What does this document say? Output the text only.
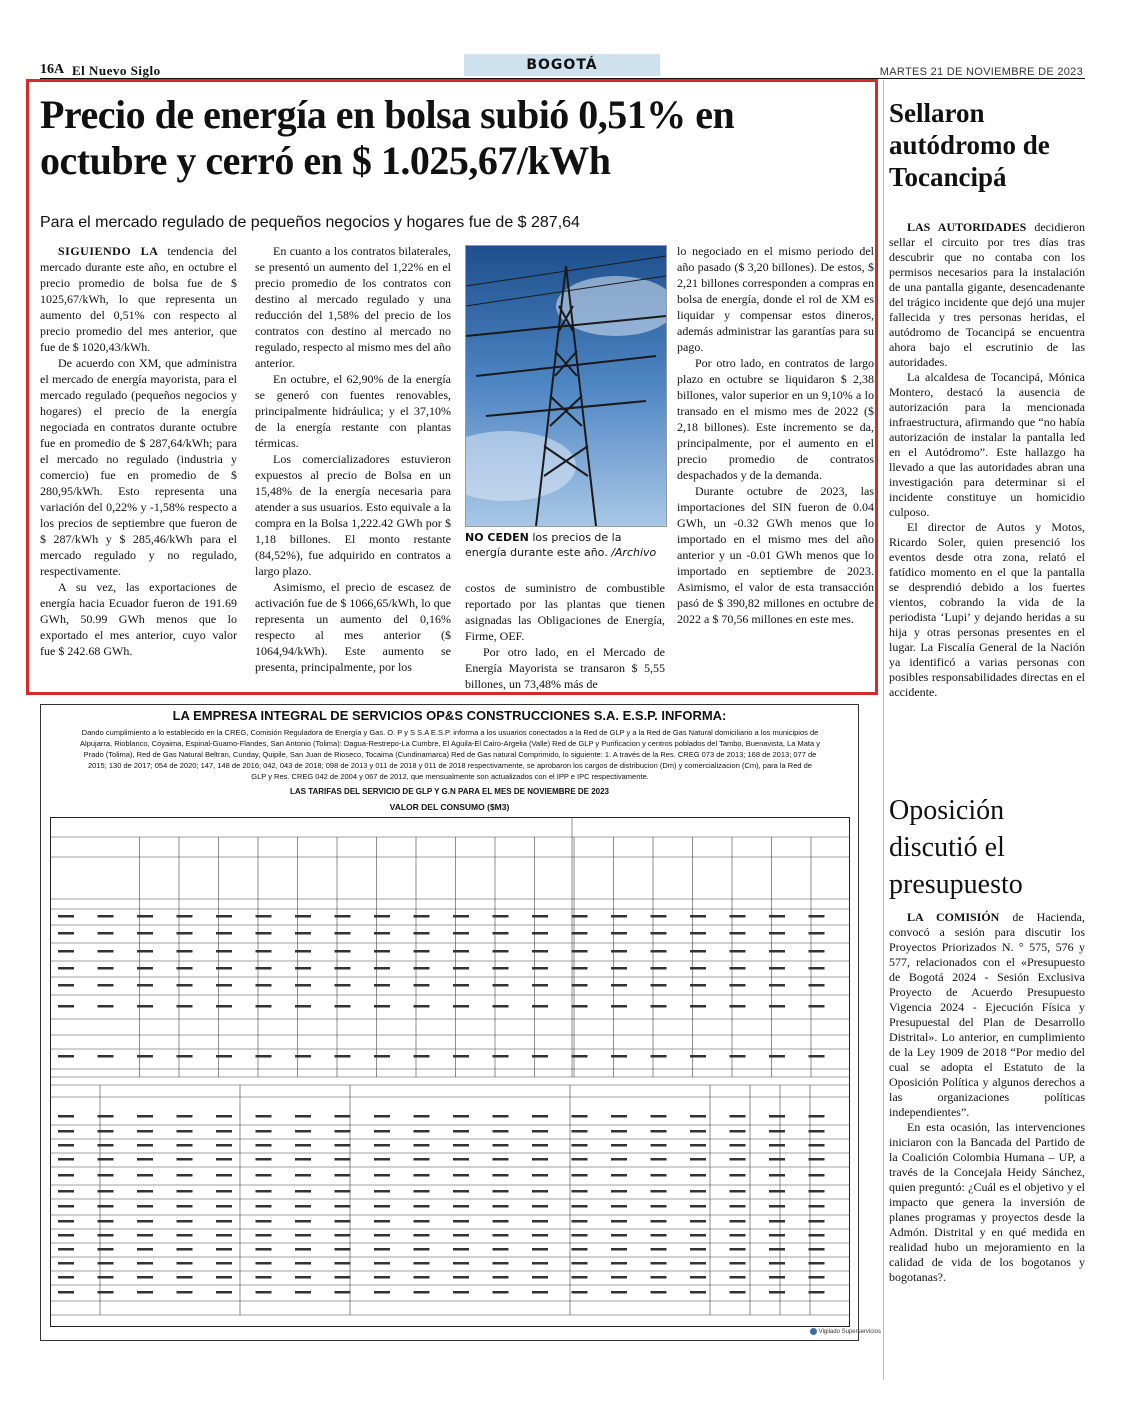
16A El Nuevo Siglo	BOGOTÁ	MARTES 21 DE NOVIEMBRE DE 2023
Precio de energía en bolsa subió 0,51% en octubre y cerró en $ 1.025,67/kWh
Para el mercado regulado de pequeños negocios y hogares fue de $ 287,64

SIGUIENDO LA tendencia del mercado durante este año, en octubre el precio promedio de bolsa fue de $ 1025,67/kWh, lo que representa un aumento del 0,51% con respecto al precio promedio del mes anterior, que fue de $ 1020,43/kWh.

De acuerdo con XM, que administra el mercado de energía mayorista, para el mercado regulado (pequeños negocios y hogares) el precio de la energía negociada en contratos durante octubre fue en promedio de $ 287,64/kWh; para el mercado no regulado (industria y comercio) fue en promedio de $ 280,95/kWh. Esto representa una variación del 0,22% y -1,58% respecto a los precios de septiembre que fueron de $ 287/kWh y $ 285,46/kWh para el mercado regulado y no regulado, respectivamente.

A su vez, las exportaciones de energía hacia Ecuador fueron de 191.69 GWh, 50.99 GWh menos que lo exportado el mes anterior, cuyo valor fue $ 242.68 GWh.

En cuanto a los contratos bilaterales, se presentó un aumento del 1,22% en el precio promedio de los contratos con destino al mercado regulado y una reducción del 1,58% del precio de los contratos con destino al mercado no regulado, respecto al mismo mes del año anterior.

En octubre, el 62,90% de la energía se generó con fuentes renovables, principalmente hidráulica; y el 37,10% de la energía restante con plantas térmicas.

Los comercializadores estuvieron expuestos al precio de Bolsa en un 15,48% de la energía necesaria para atender a sus usuarios. Esto equivale a la compra en la Bolsa 1,222.42 GWh por $ 1,18 billones. El monto restante (84,52%), fue adquirido en contratos a largo plazo.

Asimismo, el precio de escasez de activación fue de $ 1066,65/kWh, lo que representa un aumento del 0,16% respecto al mes anterior ($ 1064,94/kWh). Este aumento se presenta, principalmente, por los

NO CEDEN los precios de la energía durante este año. /Archivo

costos de suministro de combustible reportado por las plantas que tienen asignadas las Obligaciones de Energía, Firme, OEF.

Por otro lado, en el Mercado de Energía Mayorista se transaron $ 5,55 billones, un 73,48% más de

lo negociado en el mismo periodo del año pasado ($ 3,20 billones). De estos, $ 2,21 billones corresponden a compras en bolsa de energía, donde el rol de XM es liquidar y compensar estos dineros, además administrar las garantías para su pago.

Por otro lado, en contratos de largo plazo en octubre se liquidaron $ 2,38 billones, valor superior en un 9,10% a lo transado en el mismo mes de 2022 ($ 2,18 billones). Este incremento se da, principalmente, por el aumento en el precio promedio de contratos despachados y de la demanda.

Durante octubre de 2023, las importaciones del SIN fueron de 0.04 GWh, un -0.32 GWh menos que lo importado en el mismo mes del año anterior y un -0.01 GWh menos que lo importado en septiembre de 2023. Asimismo, el valor de esta transacción pasó de $ 390,82 millones en octubre de 2022 a $ 70,56 millones en este mes.

Sellaron autódromo de Tocancipá

LAS AUTORIDADES decidieron sellar el circuito por tres días tras descubrir que no contaba con los permisos necesarios para la instalación de una pantalla gigante, desencadenante del trágico incidente que dejó una mujer fallecida y tres personas heridas, el autódromo de Tocancipá se encuentra ahora bajo el escrutinio de las autoridades.

La alcaldesa de Tocancipá, Mónica Montero, destacó la ausencia de autorización para la mencionada infraestructura, afirmando que “no había autorización de instalar la pantalla led en el Autódromo”. Este hallazgo ha llevado a que las autoridades abran una investigación para determinar si el incidente constituye un homicidio culposo.

El director de Autos y Motos, Ricardo Soler, quien presenció los eventos desde otra zona, relató el fatídico momento en el que la pantalla se desprendió debido a los fuertes vientos, cobrando la vida de la periodista ‘Lupi’ y dejando heridas a su hija y otras personas presentes en el lugar. La Fiscalía General de la Nación ya identificó a varias personas con posibles responsabilidades directas en el accidente.

Oposición discutió el presupuesto

LA COMISIÓN de Hacienda, convocó a sesión para discutir los Proyectos Priorizados N. ° 575, 576 y 577, relacionados con el «Presupuesto de Bogotá 2024 - Sesión Exclusiva Proyecto de Acuerdo Presupuesto Vigencia 2024 - Ejecución Física y Presupuestal del Plan de Desarrollo Distrital». Lo anterior, en cumplimiento de la Ley 1909 de 2018 “Por medio del cual se adopta el Estatuto de la Oposición Política y algunos derechos a las organizaciones políticas independientes”.

En esta ocasión, las intervenciones iniciaron con la Bancada del Partido de la Coalición Colombia Humana – UP, a través de la Concejala Heidy Sánchez, quien preguntó: ¿Cuál es el objetivo y el impacto que genera la inversión de planes programas y proyectos desde la Admón. Distrital y en qué medida en realidad hubo un mejoramiento en la calidad de vida de los bogotanos y bogotanas?.

LA EMPRESA INTEGRAL DE SERVICIOS OP&S CONSTRUCCIONES S.A. E.S.P. INFORMA:
Dando cumplimiento a lo establecido en la CREG, Comisión Reguladora de Energía y Gas. O. P y S S.A E.S.P. informa a los usuarios conectados a la Red de GLP y a la Red de Gas Natural domiciliario a los municipios de Alpujarra, Rioblanco, Coyaima, Espinal-Guamo-Flandes, San Antonio (Tolima): Dagua-Restrepo-La Cumbre, El Aguila-El Cairo-Argelia (Valle) Red de GLP y Purificacion y centros poblados del Tambo, Buenavista, La Mata y Prado (Tolima), Red de Gas Natural Beltran, Cunday, Quipile, San Juan de Rioseco, Tocaima (Cundinamarca) Red de Gas natural Comprimido, lo siguiente: 1. A través de la Res. CREG 073 de 2013; 168 de 2013; 077 de 2015; 130 de 2017; 054 de 2020; 147, 148 de 2016; 042, 043 de 2018; 098 de 2013 y 011 de 2018 y 011 de 2018 respectivamente, se aprobaron los cargos de distribucion (Dm) y comercializacion (Cm), para la Red de GLP y Res. CREG 042 de 2004 y 067 de 2012, que mensualmente son actualizados con el IPP e IPC respectivamente.
LAS TARIFAS DEL SERVICIO DE GLP Y G.N PARA EL MES DE NOVIEMBRE DE 2023
VALOR DEL CONSUMO ($M3)
Vigilado Superservicios
